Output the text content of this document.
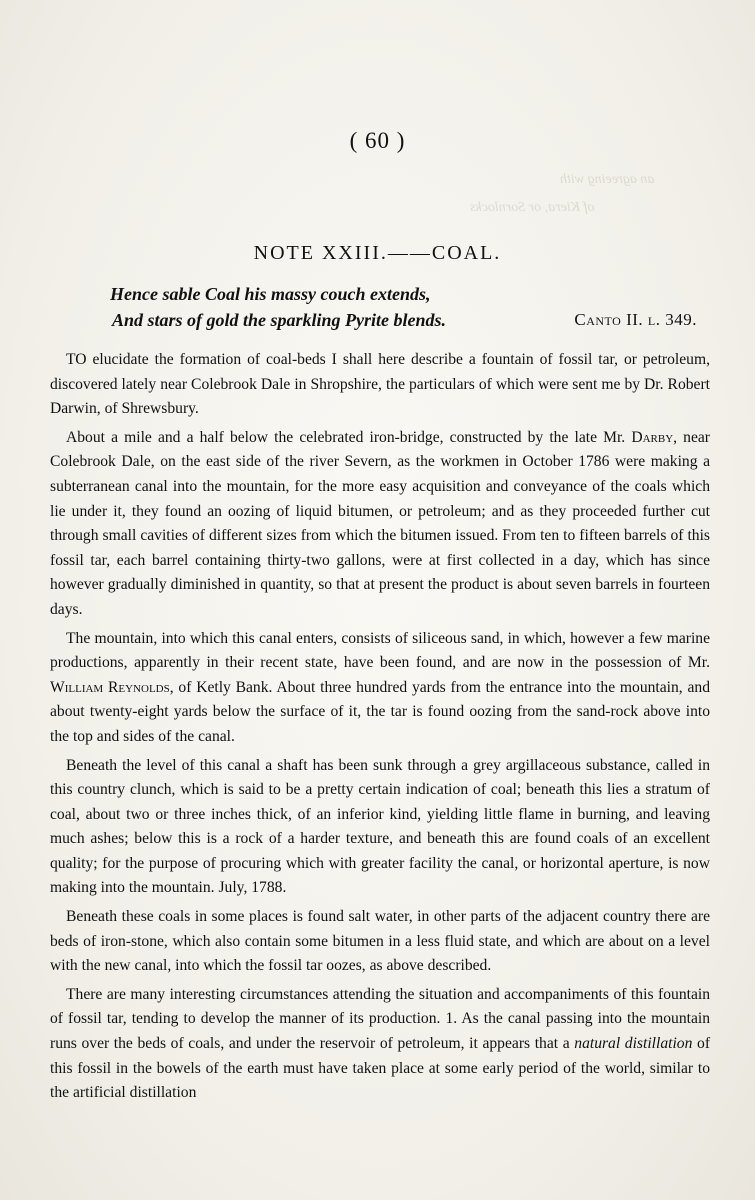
an agreeing with
of Kiera, or Sornlocks
( 60 )
NOTE XXIII.——COAL.
Hence sable Coal his massy couch extends,
And stars of gold the sparkling Pyrite blends.	Canto II. l. 349.

TO elucidate the formation of coal-beds I shall here describe a fountain of fossil tar, or petroleum, discovered lately near Colebrook Dale in Shropshire, the particulars of which were sent me by Dr. Robert Darwin, of Shrewsbury.

About a mile and a half below the celebrated iron-bridge, constructed by the late Mr. Darby, near Colebrook Dale, on the east side of the river Severn, as the workmen in October 1786 were making a subterranean canal into the mountain, for the more easy acquisition and conveyance of the coals which lie under it, they found an oozing of liquid bitumen, or petroleum; and as they proceeded further cut through small cavities of different sizes from which the bitumen issued. From ten to fifteen barrels of this fossil tar, each barrel containing thirty-two gallons, were at first collected in a day, which has since however gradually diminished in quantity, so that at present the product is about seven barrels in fourteen days.

The mountain, into which this canal enters, consists of siliceous sand, in which, however a few marine productions, apparently in their recent state, have been found, and are now in the possession of Mr. William Reynolds, of Ketly Bank. About three hundred yards from the entrance into the mountain, and about twenty-eight yards below the surface of it, the tar is found oozing from the sand-rock above into the top and sides of the canal.

Beneath the level of this canal a shaft has been sunk through a grey argillaceous substance, called in this country clunch, which is said to be a pretty certain indication of coal; beneath this lies a stratum of coal, about two or three inches thick, of an inferior kind, yielding little flame in burning, and leaving much ashes; below this is a rock of a harder texture, and beneath this are found coals of an excellent quality; for the purpose of procuring which with greater facility the canal, or horizontal aperture, is now making into the mountain. July, 1788.

Beneath these coals in some places is found salt water, in other parts of the adjacent country there are beds of iron-stone, which also contain some bitumen in a less fluid state, and which are about on a level with the new canal, into which the fossil tar oozes, as above described.

There are many interesting circumstances attending the situation and accompaniments of this fountain of fossil tar, tending to develop the manner of its production. 1. As the canal passing into the mountain runs over the beds of coals, and under the reservoir of petroleum, it appears that a natural distillation of this fossil in the bowels of the earth must have taken place at some early period of the world, similar to the artificial distillation
